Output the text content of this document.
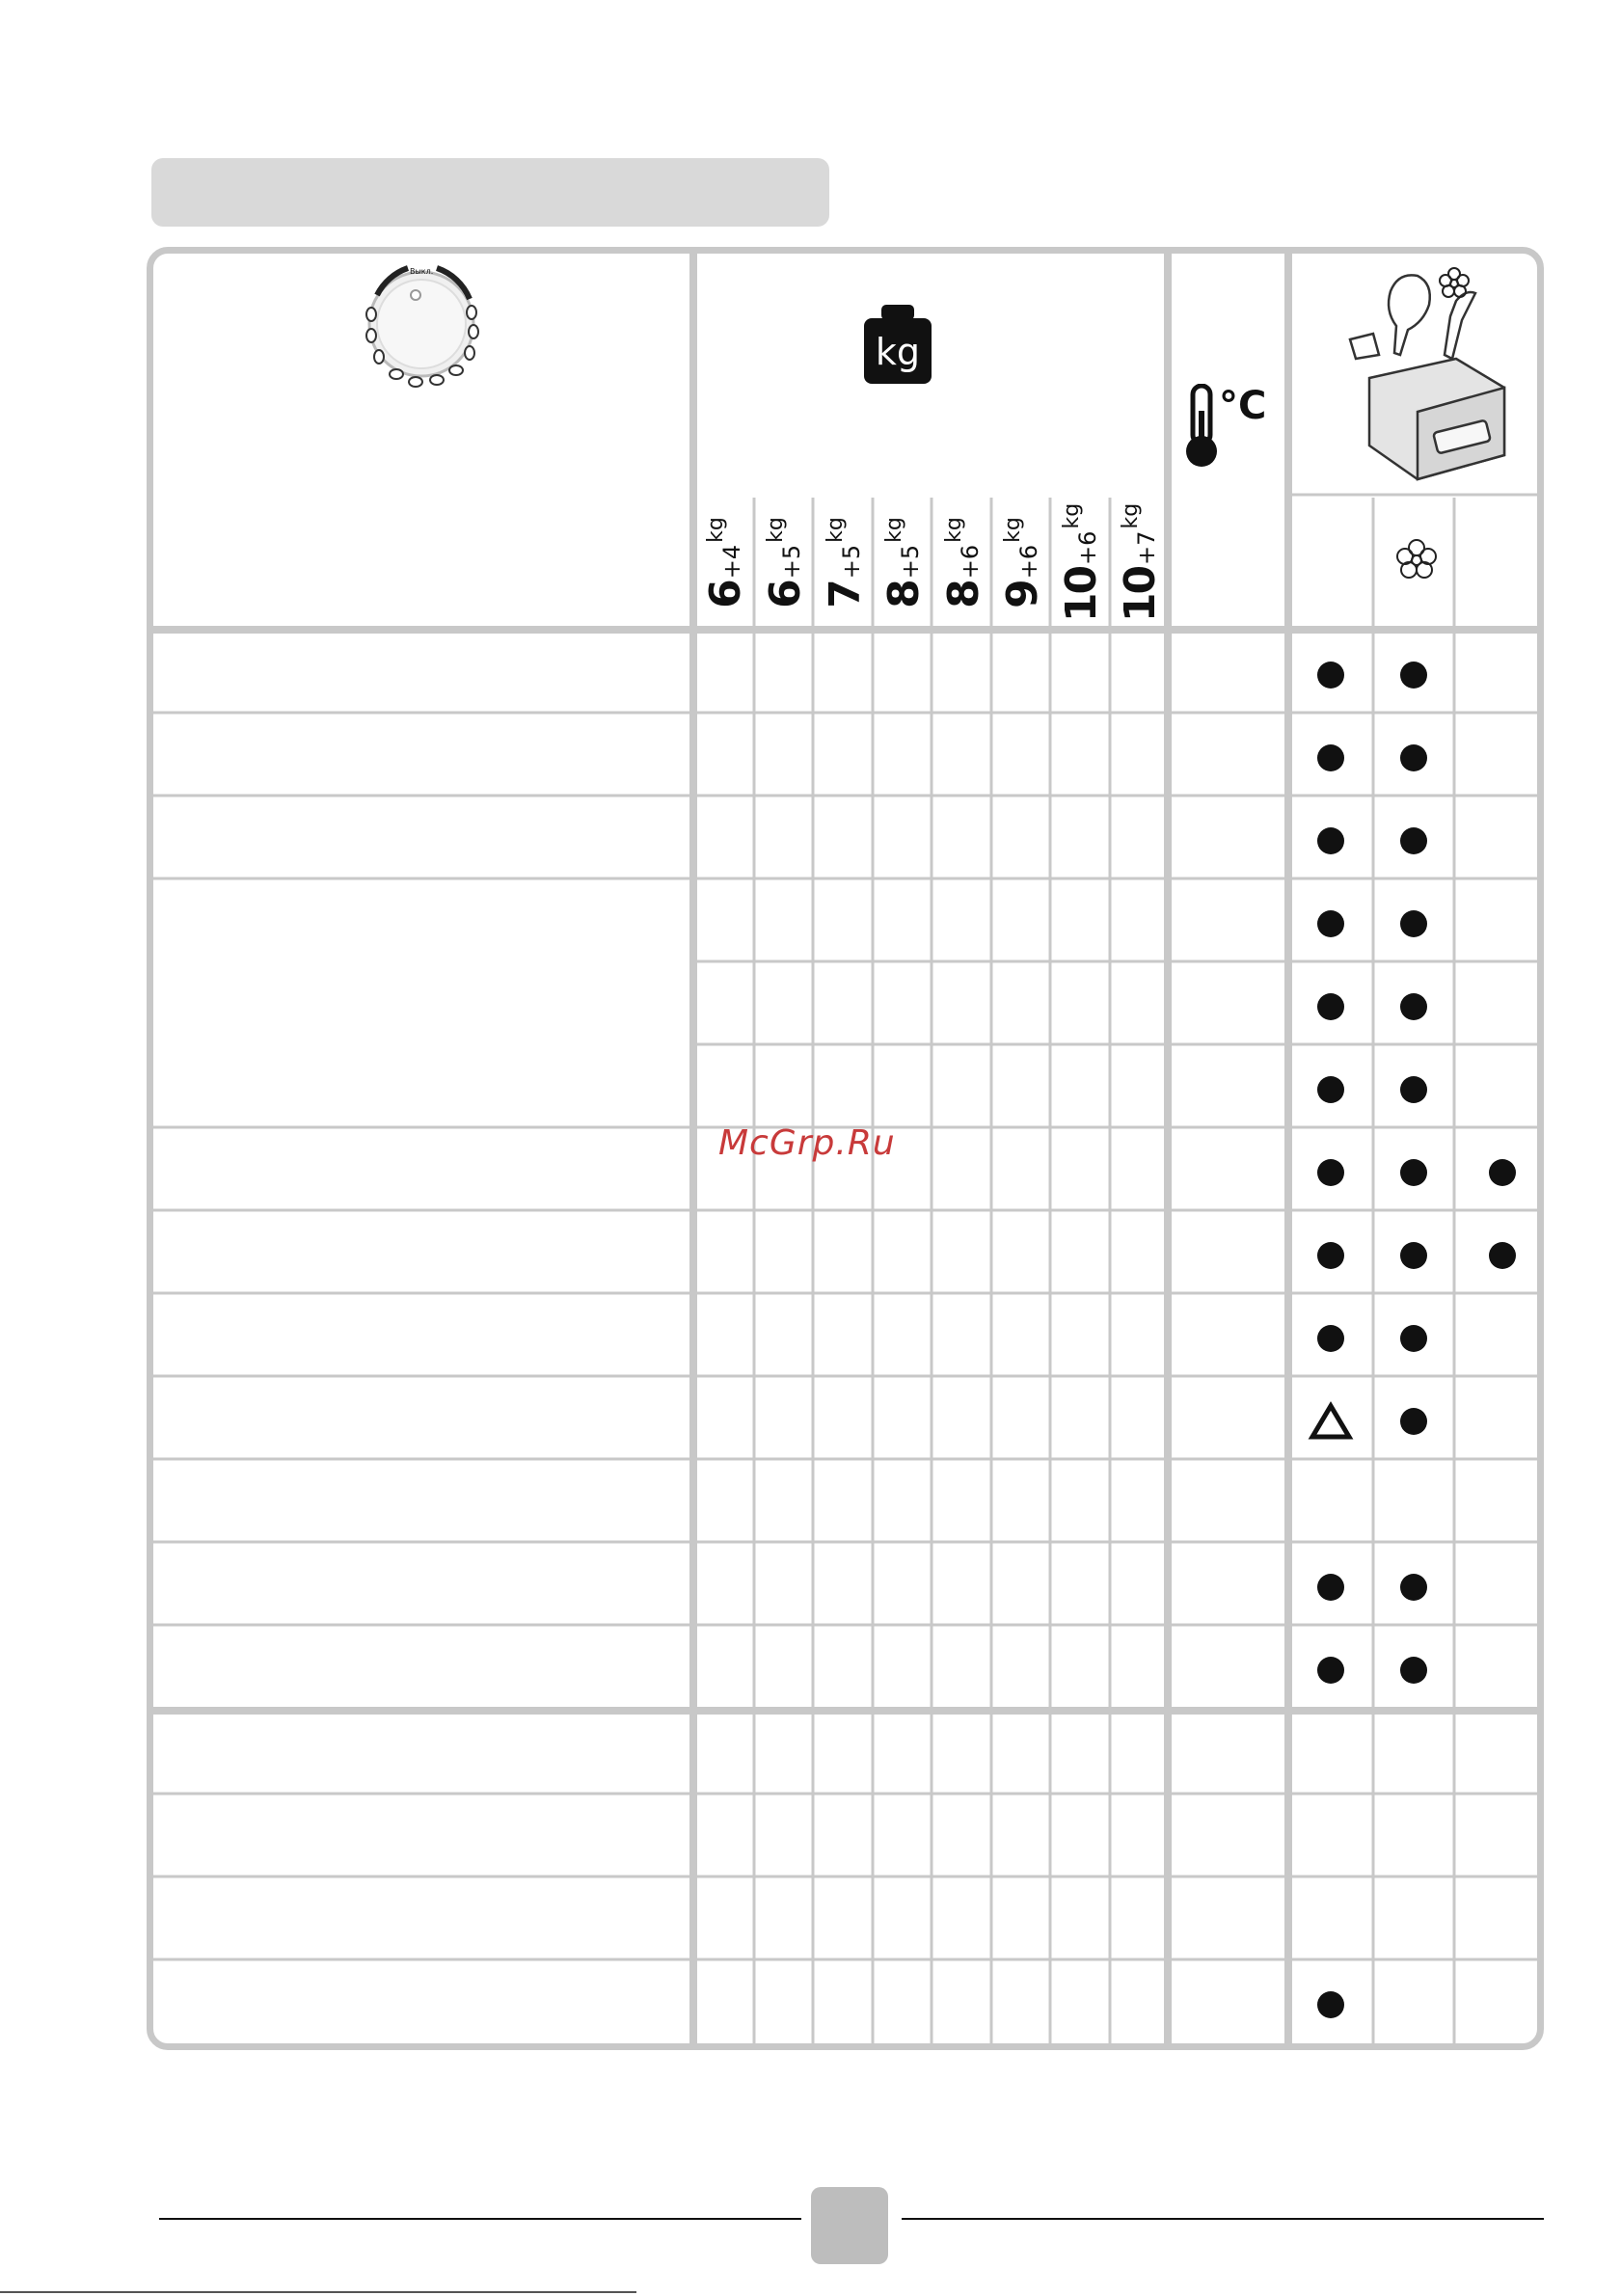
Выкл.
kg
6
+4
kg
6
+5
kg
7
+5
kg
8
+5
kg
8
+6
kg
9
+6
kg
10
+6
kg
10
+7
kg
°C
McGrp.Ru
